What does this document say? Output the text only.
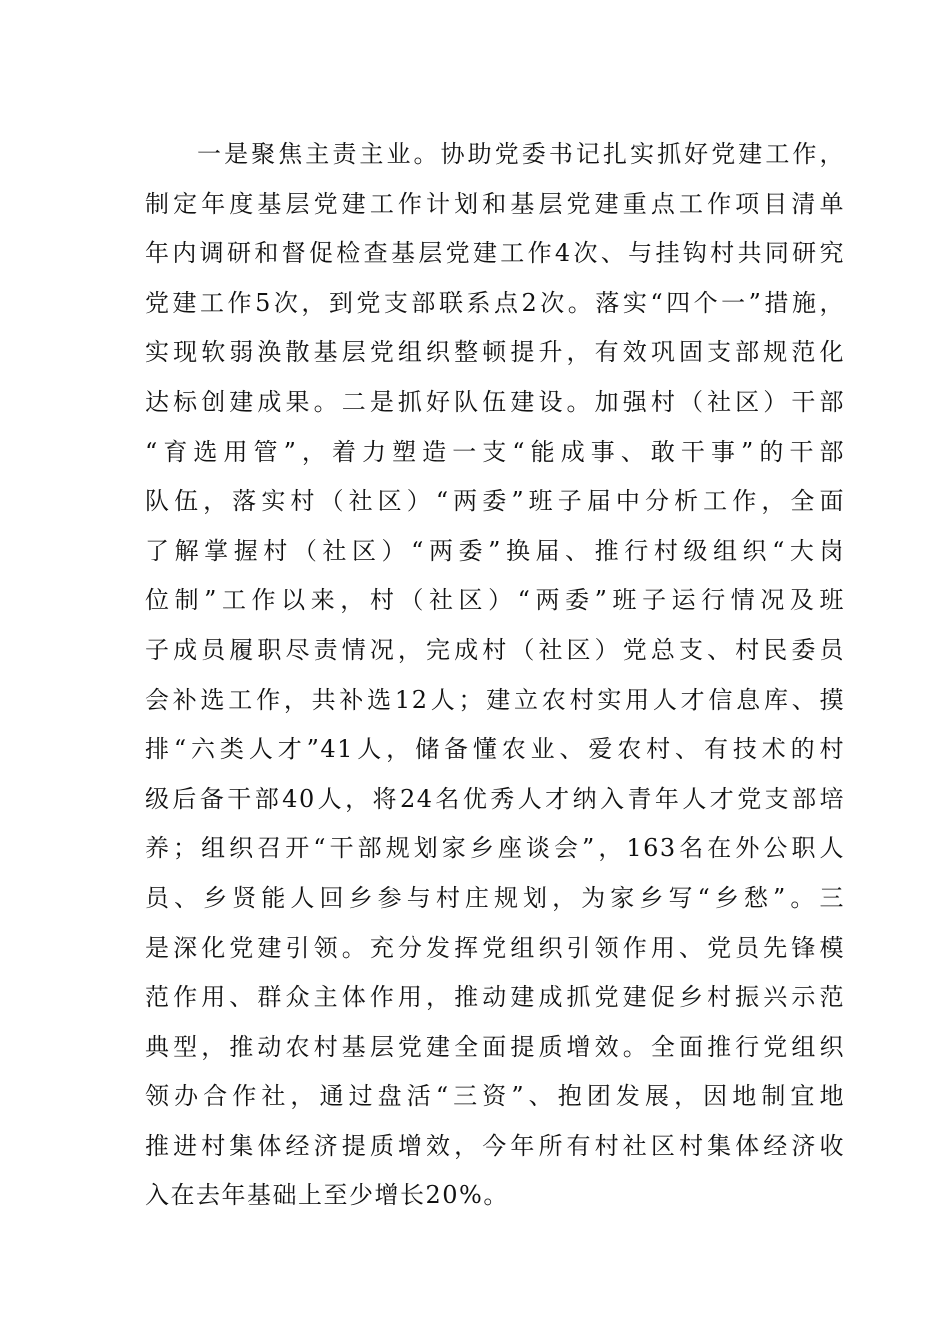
一是聚焦主责主业。协助党委书记扎实抓好党建工作，
制定年度基层党建工作计划和基层党建重点工作项目清单
年内调研和督促检查基层党建工作4次、与挂钩村共同研究
党建工作5次，到党支部联系点2次。落实“四个一”措施，
实现软弱涣散基层党组织整顿提升，有效巩固支部规范化
达标创建成果。二是抓好队伍建设。加强村（社区）干部
“育选用管”，着力塑造一支“能成事、敢干事”的干部
队伍，落实村（社区）“两委”班子届中分析工作，全面
了解掌握村（社区）“两委”换届、推行村级组织“大岗
位制”工作以来，村（社区）“两委”班子运行情况及班
子成员履职尽责情况，完成村（社区）党总支、村民委员
会补选工作，共补选12人；建立农村实用人才信息库、摸
排“六类人才”41人，储备懂农业、爱农村、有技术的村
级后备干部40人，将24名优秀人才纳入青年人才党支部培
养；组织召开“干部规划家乡座谈会”，163名在外公职人
员、乡贤能人回乡参与村庄规划，为家乡写“乡愁”。三
是深化党建引领。充分发挥党组织引领作用、党员先锋模
范作用、群众主体作用，推动建成抓党建促乡村振兴示范
典型，推动农村基层党建全面提质增效。全面推行党组织
领办合作社，通过盘活“三资”、抱团发展，因地制宜地
推进村集体经济提质增效，今年所有村社区村集体经济收
入在去年基础上至少增长20%。
